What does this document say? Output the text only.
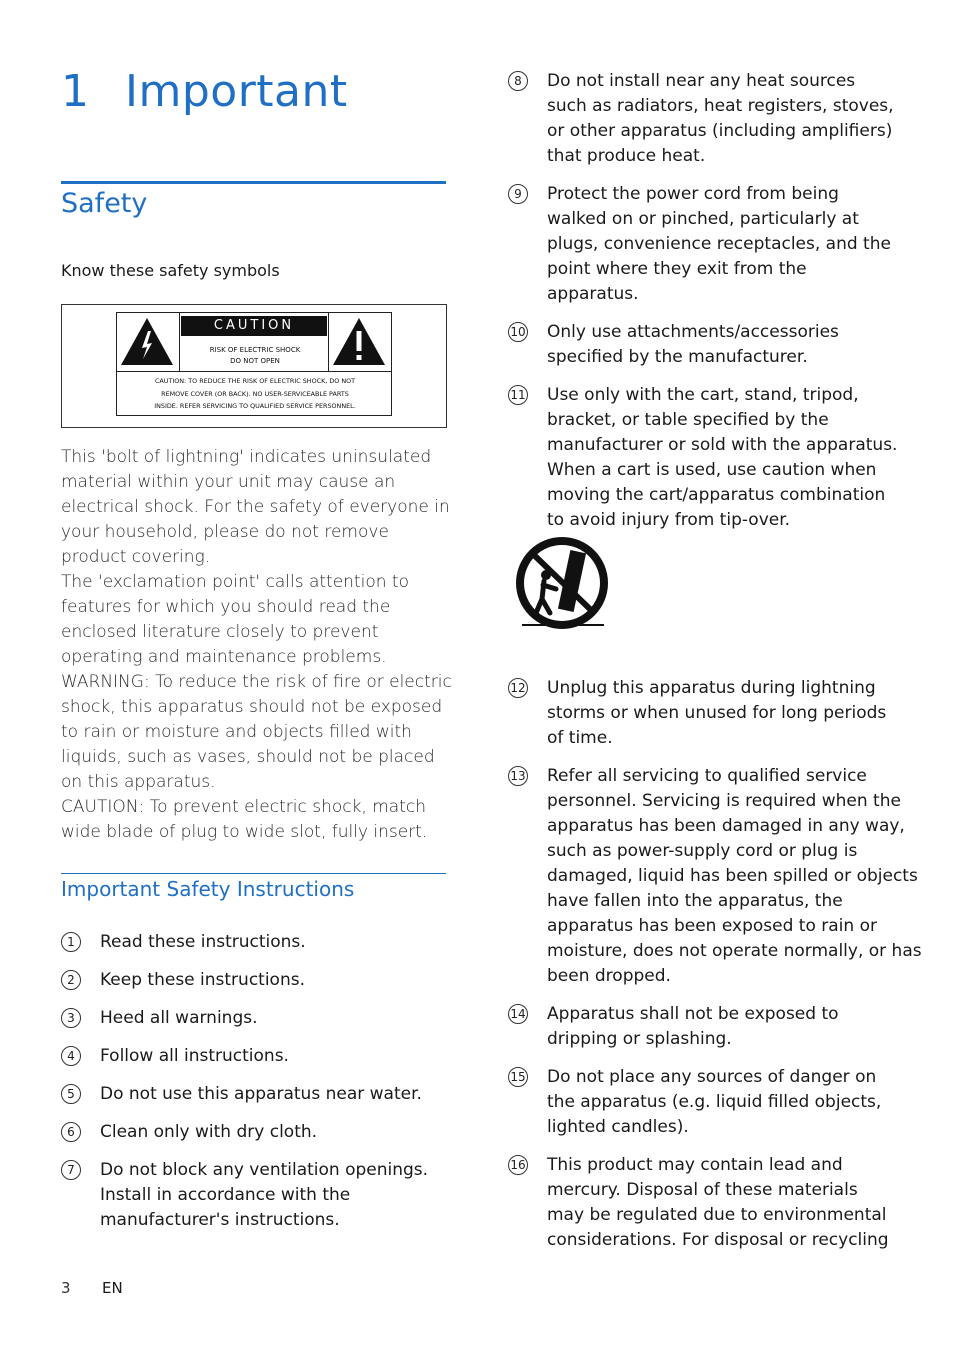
1 Important
Safety
Know these safety symbols
CAUTION
RISK OF ELECTRIC SHOCK
DO NOT OPEN
CAUTION: TO REDUCE THE RISK OF ELECTRIC SHOCK, DO NOT
REMOVE COVER (OR BACK). NO USER-SERVICEABLE PARTS
INSIDE. REFER SERVICING TO QUALIFIED SERVICE PERSONNEL.

This 'bolt of lightning' indicates uninsulated material within your unit may cause an electrical shock. For the safety of everyone in your household, please do not remove product covering.

The 'exclamation point' calls attention to features for which you should read the enclosed literature closely to prevent operating and maintenance problems.

WARNING: To reduce the risk of fire or electric shock, this apparatus should not be exposed to rain or moisture and objects filled with liquids, such as vases, should not be placed on this apparatus.

CAUTION: To prevent electric shock, match wide blade of plug to wide slot, fully insert.

Important Safety Instructions
1	Read these instructions.
2	Keep these instructions.
3	Heed all warnings.
4	Follow all instructions.
5	Do not use this apparatus near water.
6	Clean only with dry cloth.
7	Do not block any ventilation openings. Install in accordance with the manufacturer's instructions.
8	Do not install near any heat sources such as radiators, heat registers, stoves, or other apparatus (including amplifiers) that produce heat.
9	Protect the power cord from being walked on or pinched, particularly at plugs, convenience receptacles, and the point where they exit from the apparatus.
10 Only use attachments/accessories specified by the manufacturer.
11 Use only with the cart, stand, tripod, bracket, or table specified by the manufacturer or sold with the apparatus. When a cart is used, use caution when moving the cart/apparatus combination to avoid injury from tip-over.
12 Unplug this apparatus during lightning storms or when unused for long periods of time.
13 Refer all servicing to qualified service personnel. Servicing is required when the apparatus has been damaged in any way, such as power-supply cord or plug is damaged, liquid has been spilled or objects have fallen into the apparatus, the apparatus has been exposed to rain or moisture, does not operate normally, or has been dropped.
14 Apparatus shall not be exposed to dripping or splashing.
15 Do not place any sources of danger on the apparatus (e.g. liquid filled objects, lighted candles).
16 This product may contain lead and mercury. Disposal of these materials may be regulated due to environmental considerations. For disposal or recycling
3 EN
